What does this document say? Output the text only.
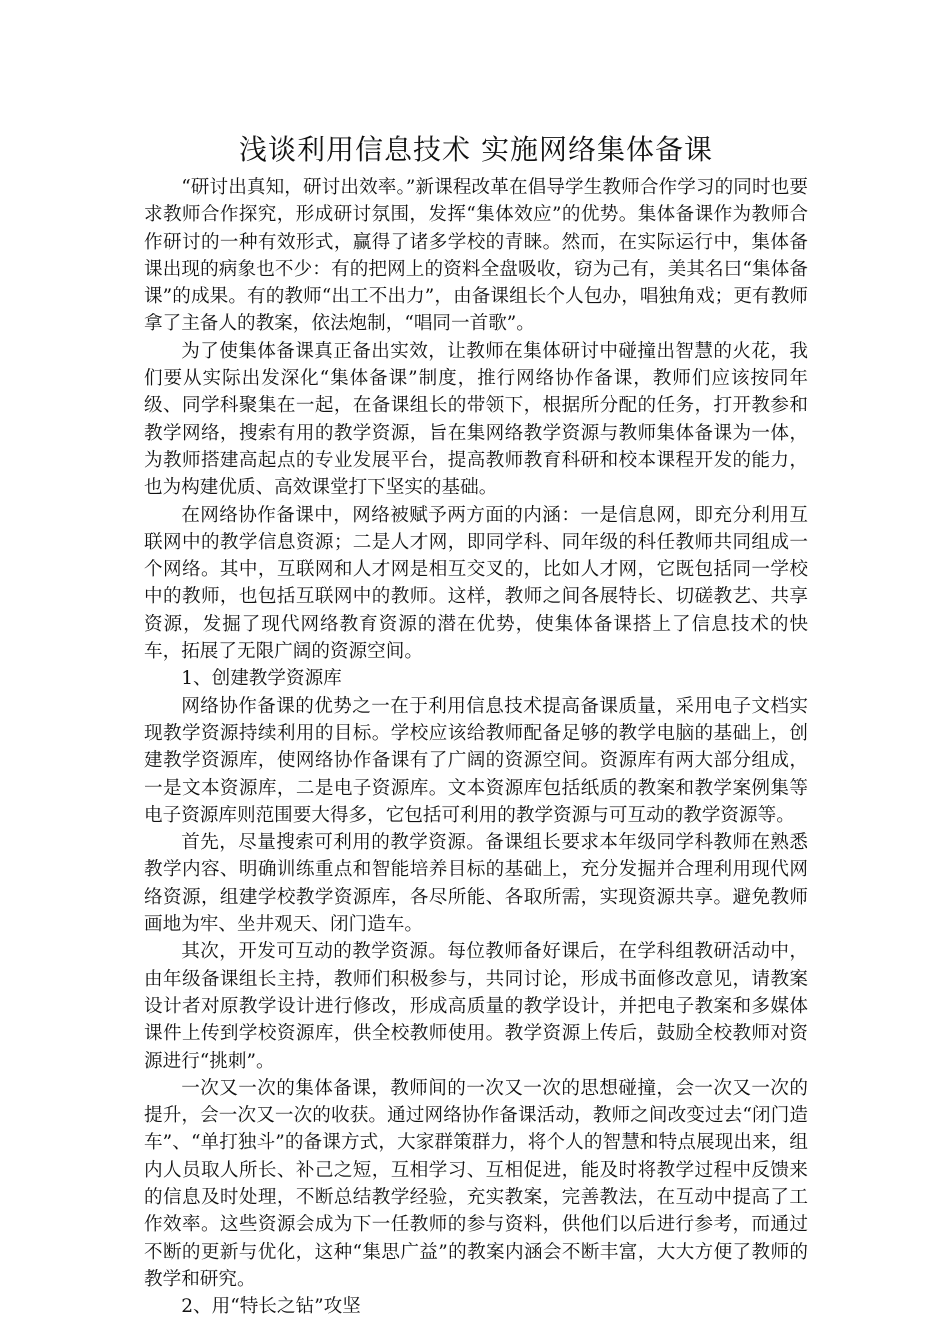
浅谈利用信息技术 实施网络集体备课

“研讨出真知，研讨出效率。”新课程改革在倡导学生教师合作学习的同时也要求教师合作探究，形成研讨氛围，发挥“集体效应”的优势。集体备课作为教师合作研讨的一种有效形式，赢得了诸多学校的青睐。然而，在实际运行中，集体备课出现的病象也不少：有的把网上的资料全盘吸收，窃为己有，美其名曰“集体备课”的成果。有的教师“出工不出力”，由备课组长个人包办，唱独角戏；更有教师拿了主备人的教案，依法炮制，“唱同一首歌”。

为了使集体备课真正备出实效，让教师在集体研讨中碰撞出智慧的火花，我们要从实际出发深化“集体备课”制度，推行网络协作备课，教师们应该按同年级、同学科聚集在一起，在备课组长的带领下，根据所分配的任务，打开教参和教学网络，搜索有用的教学资源，旨在集网络教学资源与教师集体备课为一体，为教师搭建高起点的专业发展平台，提高教师教育科研和校本课程开发的能力，也为构建优质、高效课堂打下坚实的基础。

在网络协作备课中，网络被赋予两方面的内涵：一是信息网，即充分利用互联网中的教学信息资源；二是人才网，即同学科、同年级的科任教师共同组成一个网络。其中，互联网和人才网是相互交叉的，比如人才网，它既包括同一学校中的教师，也包括互联网中的教师。这样，教师之间各展特长、切磋教艺、共享资源，发掘了现代网络教育资源的潜在优势，使集体备课搭上了信息技术的快车，拓展了无限广阔的资源空间。

1、创建教学资源库

网络协作备课的优势之一在于利用信息技术提高备课质量，采用电子文档实现教学资源持续利用的目标。学校应该给教师配备足够的教学电脑的基础上，创建教学资源库，使网络协作备课有了广阔的资源空间。资源库有两大部分组成，一是文本资源库，二是电子资源库。文本资源库包括纸质的教案和教学案例集等电子资源库则范围要大得多，它包括可利用的教学资源与可互动的教学资源等。

首先，尽量搜索可利用的教学资源。备课组长要求本年级同学科教师在熟悉教学内容、明确训练重点和智能培养目标的基础上，充分发掘并合理利用现代网络资源，组建学校教学资源库，各尽所能、各取所需，实现资源共享。避免教师画地为牢、坐井观天、闭门造车。

其次，开发可互动的教学资源。每位教师备好课后，在学科组教研活动中，由年级备课组长主持，教师们积极参与，共同讨论，形成书面修改意见，请教案设计者对原教学设计进行修改，形成高质量的教学设计，并把电子教案和多媒体课件上传到学校资源库，供全校教师使用。教学资源上传后，鼓励全校教师对资源进行“挑刺”。

一次又一次的集体备课，教师间的一次又一次的思想碰撞，会一次又一次的提升，会一次又一次的收获。通过网络协作备课活动，教师之间改变过去“闭门造车”、“单打独斗”的备课方式，大家群策群力，将个人的智慧和特点展现出来，组内人员取人所长、补己之短，互相学习、互相促进，能及时将教学过程中反馈来的信息及时处理，不断总结教学经验，充实教案，完善教法，在互动中提高了工作效率。这些资源会成为下一任教师的参与资料，供他们以后进行参考，而通过不断的更新与优化，这种“集思广益”的教案内涵会不断丰富，大大方便了教师的教学和研究。

2、用“特长之钻”攻坚
